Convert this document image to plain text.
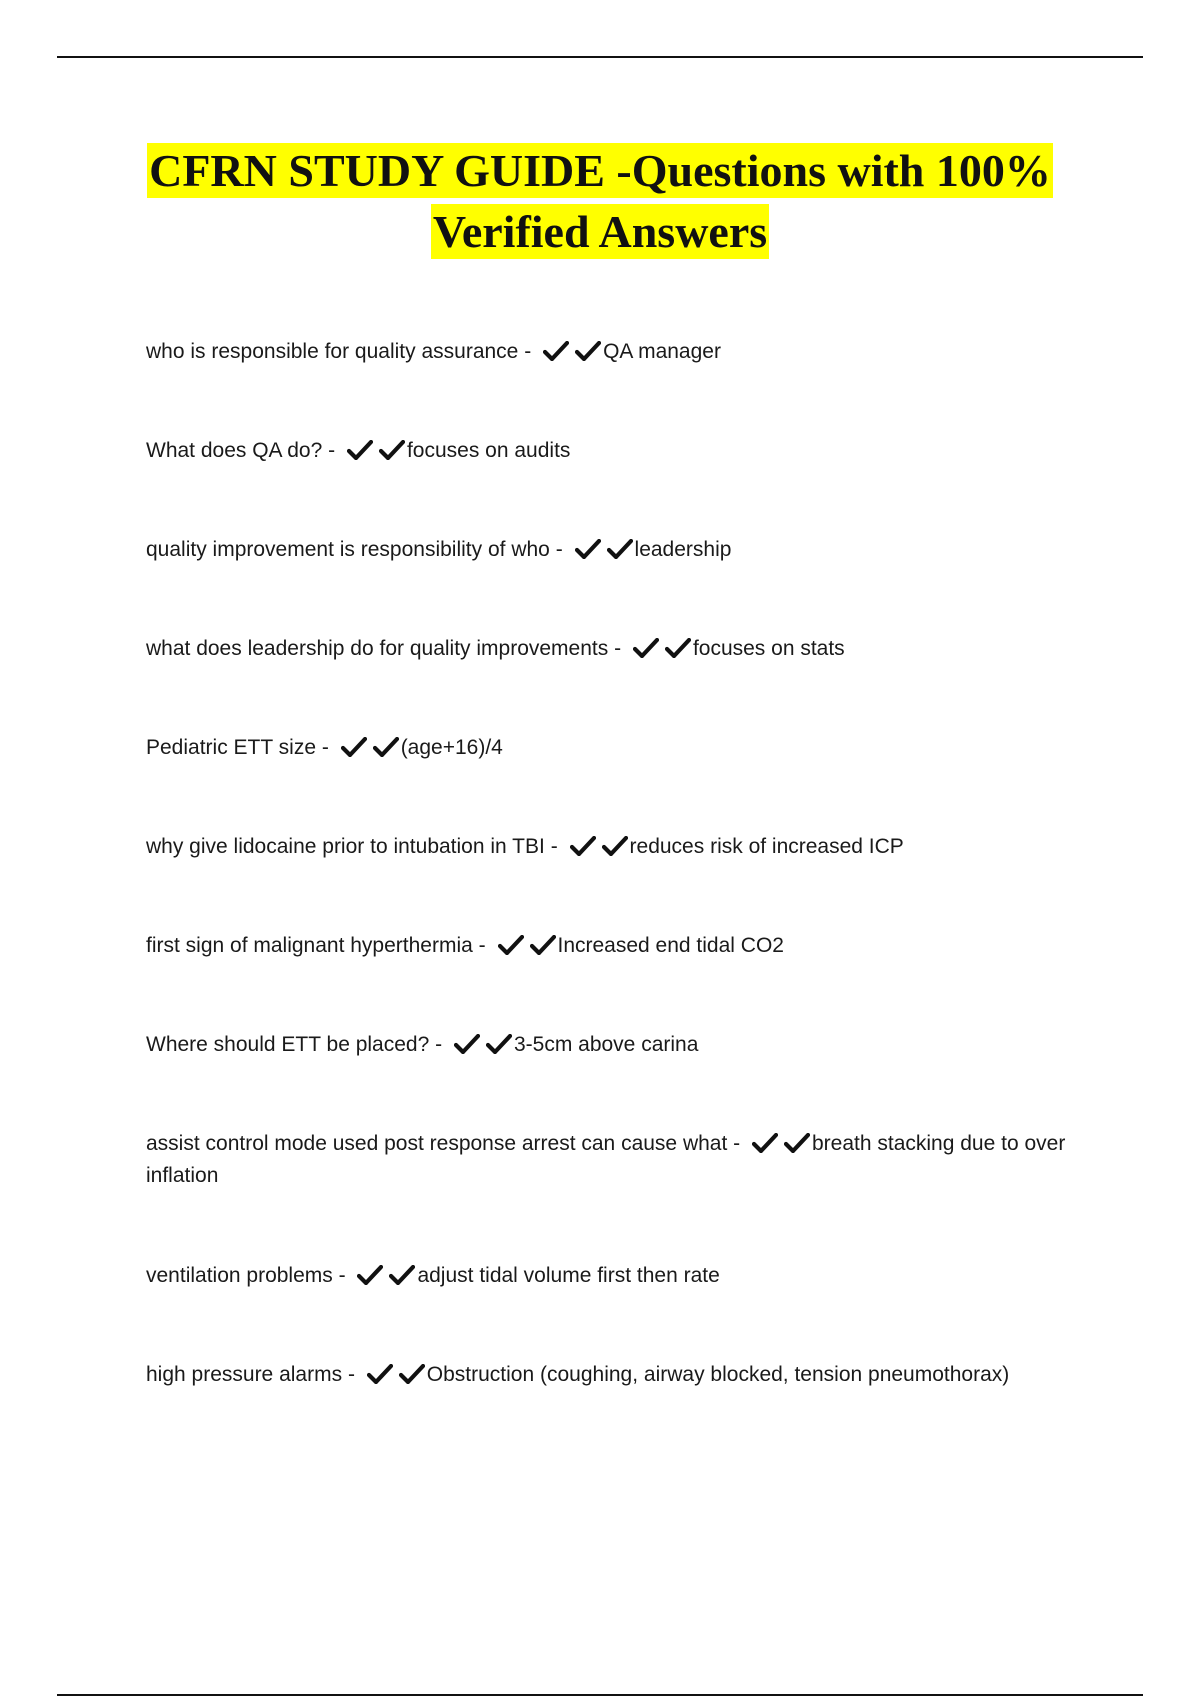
CFRN STUDY GUIDE -Questions with 100% Verified Answers
who is responsible for quality assurance -	QA manager
What does QA do? -	focuses on audits
quality improvement is responsibility of who -	leadership
what does leadership do for quality improvements -	focuses on stats
Pediatric ETT size -	(age+16)/4
why give lidocaine prior to intubation in TBI -	reduces risk of increased ICP
first sign of malignant hyperthermia -	Increased end tidal CO2
Where should ETT be placed? -	3-5cm above carina
assist control mode used post response arrest can cause what -	breath stacking due to over inflation
ventilation problems -	adjust tidal volume first then rate
high pressure alarms -	Obstruction (coughing, airway blocked, tension pneumothorax)
